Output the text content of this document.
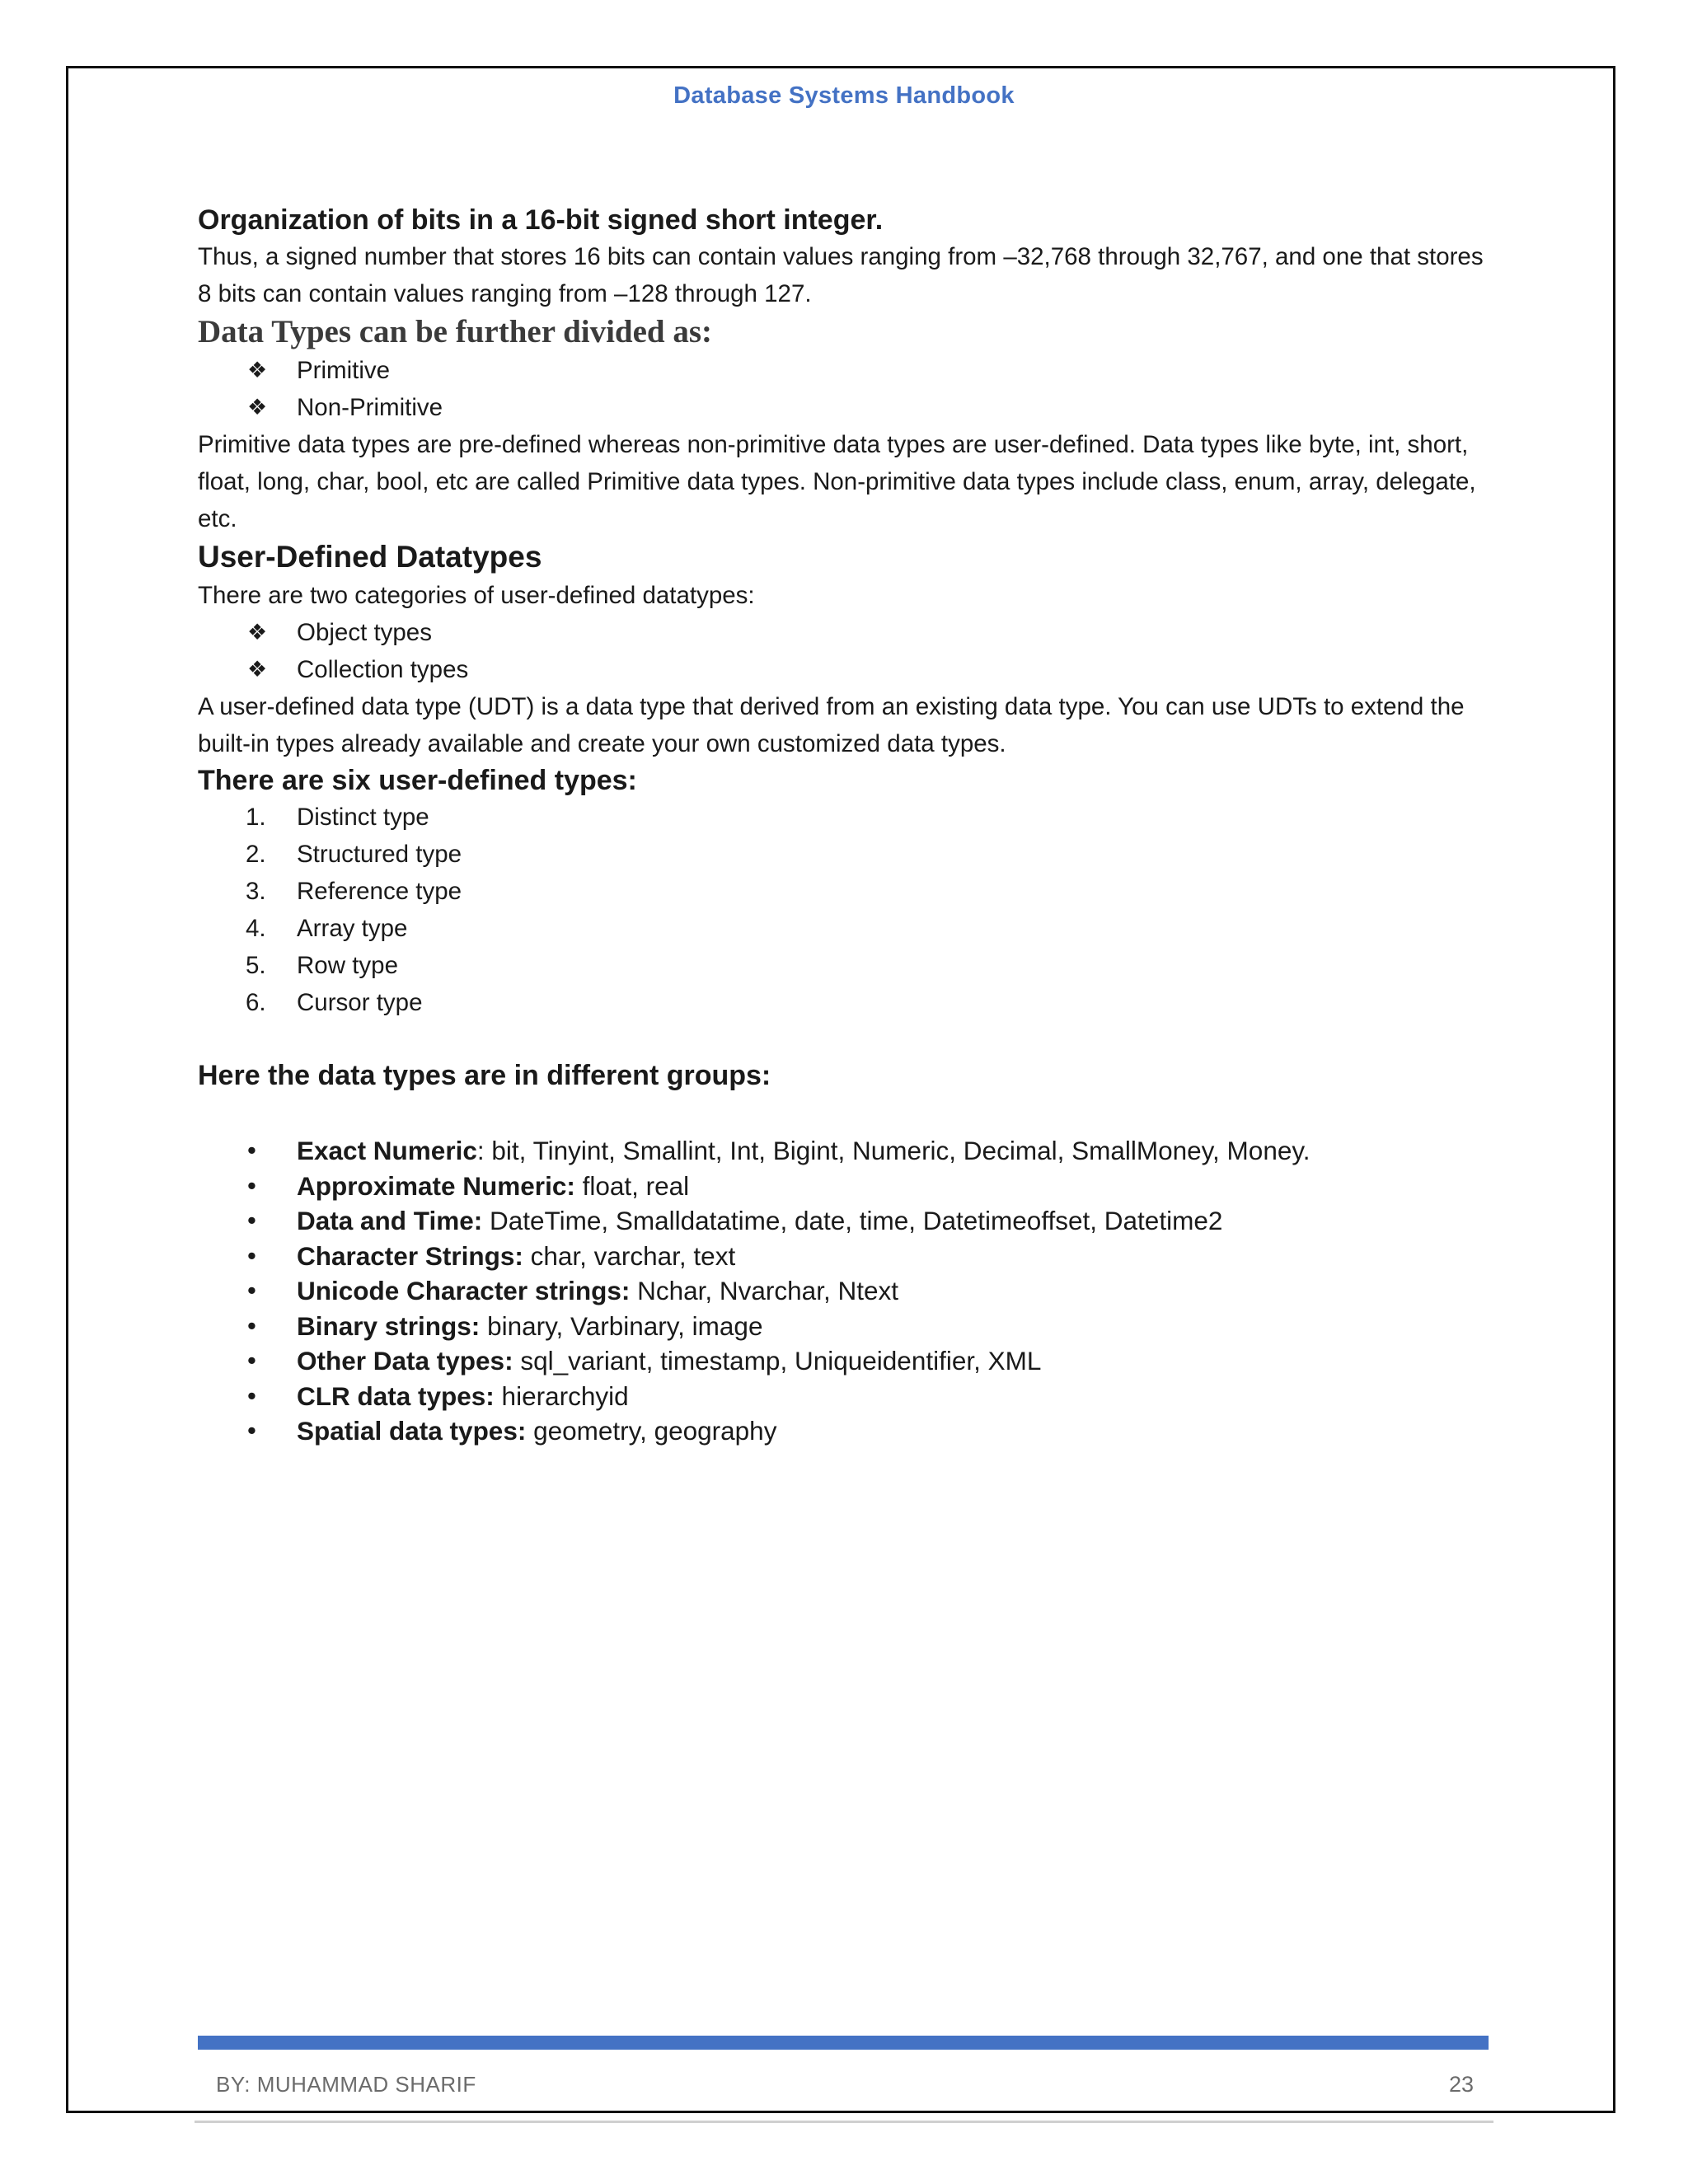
Database Systems Handbook
Organization of bits in a 16-bit signed short integer.

Thus, a signed number that stores 16 bits can contain values ranging from –32,768 through 32,767, and one that stores 8 bits can contain values ranging from –128 through 127.

Data Types can be further divided as:
❖ Primitive
❖ Non-Primitive

Primitive data types are pre-defined whereas non-primitive data types are user-defined. Data types like byte, int, short, float, long, char, bool, etc are called Primitive data types. Non-primitive data types include class, enum, array, delegate, etc.

User-Defined Datatypes

There are two categories of user-defined datatypes:

❖ Object types
❖ Collection types

A user-defined data type (UDT) is a data type that derived from an existing data type. You can use UDTs to extend the built-in types already available and create your own customized data types.

There are six user-defined types:
1. Distinct type
2. Structured type
3. Reference type
4. Array type
5. Row type
6. Cursor type
Here the data types are in different groups:
• Exact Numeric: bit, Tinyint, Smallint, Int, Bigint, Numeric, Decimal, SmallMoney, Money.
• Approximate Numeric: float, real
• Data and Time: DateTime, Smalldatatime, date, time, Datetimeoffset, Datetime2
• Character Strings: char, varchar, text
• Unicode Character strings: Nchar, Nvarchar, Ntext
• Binary strings: binary, Varbinary, image
• Other Data types: sql_variant, timestamp, Uniqueidentifier, XML
• CLR data types: hierarchyid
• Spatial data types: geometry, geography
BY: MUHAMMAD SHARIF	23
